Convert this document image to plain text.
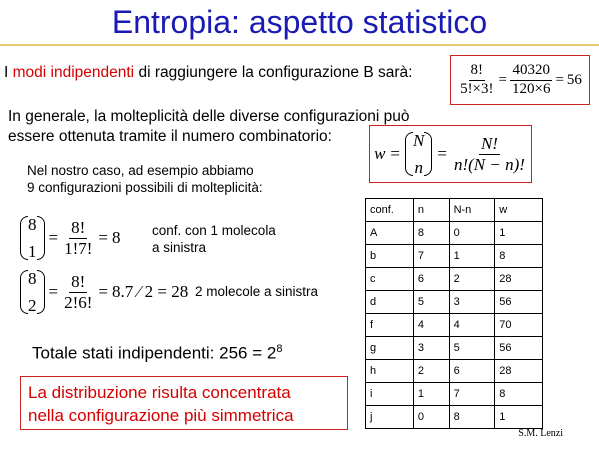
Entropia: aspetto statistico
I modi indipendenti di raggiungere la configurazione B sarà:	$\frac{8!}{5!\times 3!} = \frac{40320}{120\times 6} = 56$
In generale, la molteplicità delle diverse configurazioni può
essere ottenuta tramite il numero combinatorio:
w =
N
n
= $\frac{N!}{n!(N - n)!}$
Nel nostro caso, ad esempio abbiamo
9 configurazioni possibili di molteplicità:
8
1
= $\frac{8!}{1!7!} = 8$ conf. con 1 molecola
a sinistra
8
2
= $\frac{8!}{2!6!} = 8.7$ ⁄ 2 = 28 2 molecole a sinistra
Totale stati indipendenti: $256 = 2^8$
La distribuzione risulta concentrata
nella configurazione più simmetrica
conf.	n	N-n	w
A	8	0	1
b	7	1	8
c	6	2	28
d	5	3	56
f	4	4	70
g	3	5	56
h	2	6	28
i	1	7	8
j	0	8	1
S.M. Lenzi
